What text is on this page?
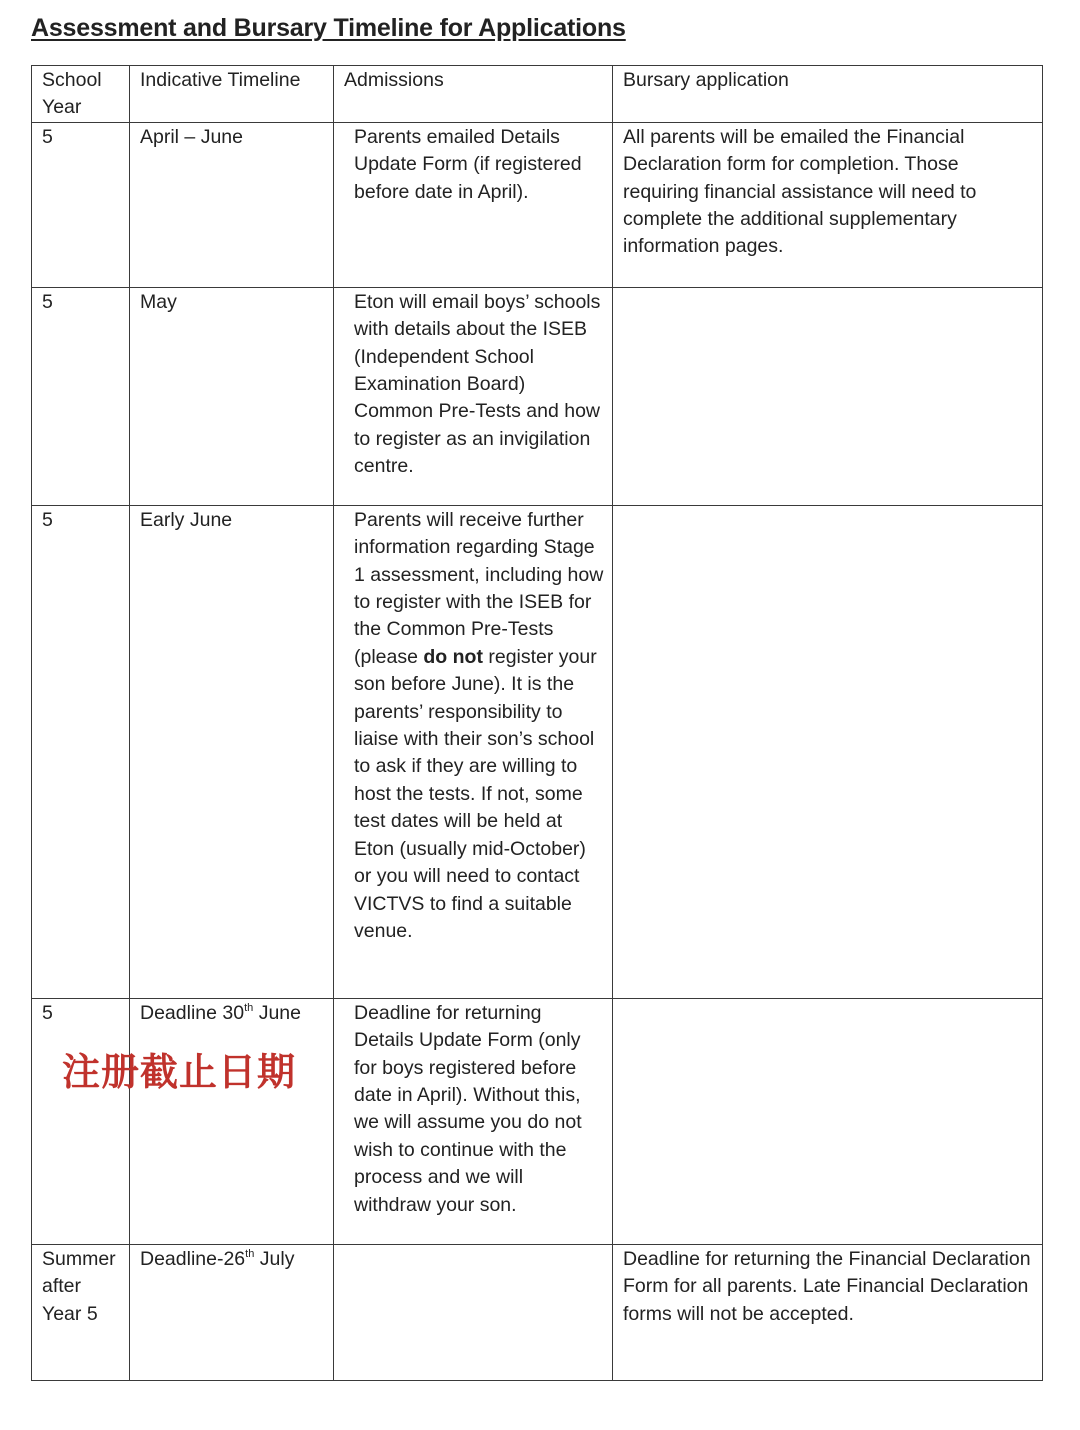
Assessment and Bursary Timeline for Applications
School Year	Indicative Timeline	Admissions	Bursary application

5	April – June	Parents emailed Details Update Form (if registered before date in April).	All parents will be emailed the Financial Declaration form for completion. Those requiring financial assistance will need to complete the additional supplementary information pages.

5	May	Eton will email boys’ schools with details about the ISEB (Independent School Examination Board) Common Pre-Tests and how to register as an invigilation centre.	

5	Early June	Parents will receive further information regarding Stage 1 assessment, including how to register with the ISEB for the Common Pre-Tests (please do not register your son before June). It is the parents’ responsibility to liaise with their son’s school to ask if they are willing to host the tests. If not, some test dates will be held at Eton (usually mid-October) or you will need to contact VICTVS to find a suitable venue.	

5	Deadline 30th June	Deadline for returning Details Update Form (only for boys registered before date in April). Without this, we will assume you do not wish to continue with the process and we will withdraw your son.	

Summer after Year 5	Deadline-26th July		Deadline for returning the Financial Declaration Form for all parents. Late Financial Declaration forms will not be accepted.
注册截止日期
